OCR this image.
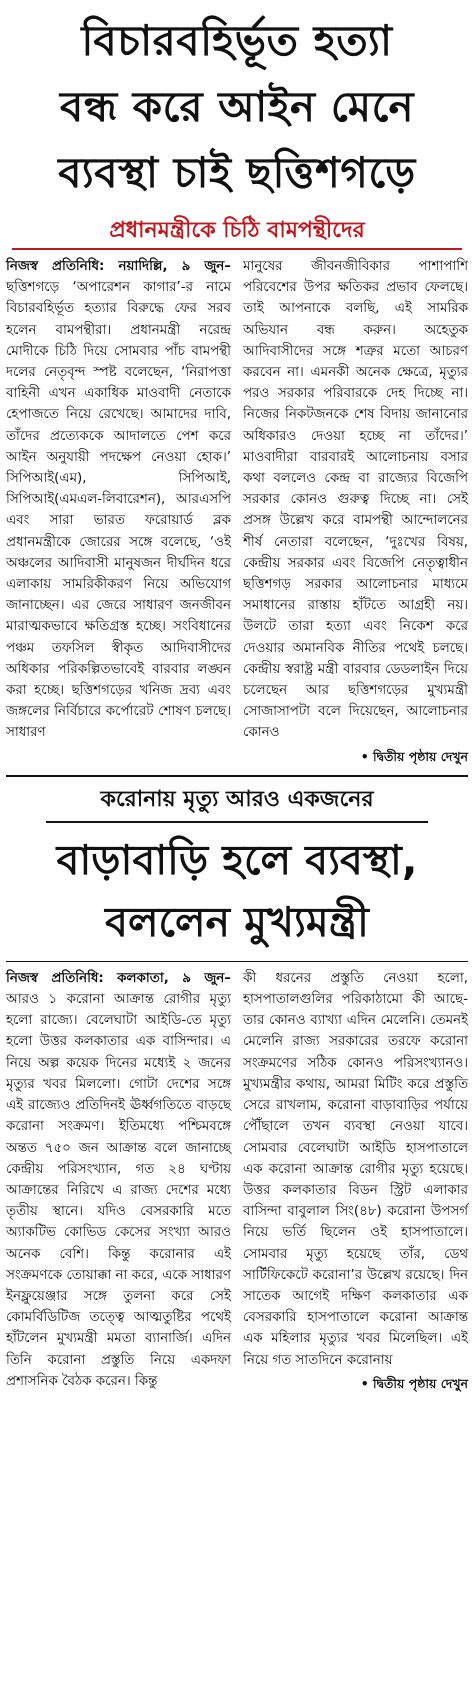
বিচারবহির্ভূত হত্যা
বন্ধ করে আইন মেনে
ব্যবস্থা চাই ছত্তিশগড়ে
প্রধানমন্ত্রীকে চিঠি বামপন্থীদের

নিজস্ব প্রতিনিধি: নয়াদিল্লি, ৯ জুন– ছত্তিশগড়ে ‘অপারেশন কাগার’-র নামে বিচারবহির্ভূত হত্যার বিরুদ্ধে ফের সরব হলেন বামপন্থীরা। প্রধানমন্ত্রী নরেন্দ্র মোদীকে চিঠি দিয়ে সোমবার পাঁচ বামপন্থী দলের নেতৃবৃন্দ স্পষ্ট বলেছেন, ‘নিরাপত্তা বাহিনী এখন একাধিক মাওবাদী নেতাকে হেপাজতে নিয়ে রেখেছে। আমাদের দাবি, তাঁদের প্রত্যেককে আদালতে পেশ করে আইন অনুযায়ী পদক্ষেপ নেওয়া হোক।’ সিপিআই(এম), সিপিআই, সিপিআই(এমএল-লিবারেশন), আরএসপি এবং সারা ভারত ফরোয়ার্ড ব্লক প্রধানমন্ত্রীকে জোরের সঙ্গে বলেছে, ‘ওই অঞ্চলের আদিবাসী মানুষজন দীর্ঘদিন ধরে এলাকায় সামরিকীকরণ নিয়ে অভিযোগ জানাচ্ছেন। এর জেরে সাধারণ জনজীবন মারাত্মকভাবে ক্ষতিগ্রস্ত হচ্ছে। সংবিধানের পঞ্চম তফসিল স্বীকৃত আদিবাসীদের অধিকার পরিকল্পিতভাবেই বারবার লঙ্ঘন করা হচ্ছে। ছত্তিশগড়ের খনিজ দ্রব্য এবং জঙ্গলের নির্বিচারে কর্পোরেট শোষণ চলছে। সাধারণ

মানুষের জীবনজীবিকার পাশাপাশি পরিবেশের উপর ক্ষতিকর প্রভাব ফেলছে। তাই আপনাকে বলছি, এই সামরিক অভিযান বন্ধ করুন। অহেতুক আদিবাসীদের সঙ্গে শত্রুর মতো আচরণ করবেন না। এমনকী অনেক ক্ষেত্রে, মৃত্যুর পরও সরকার পরিবারকে দেহ দিচ্ছে না। নিজের নিকটজনকে শেষ বিদায় জানানোর অধিকারও দেওয়া হচ্ছে না তাঁদের।’ মাওবাদীরা বারবারই আলোচনায় বসার কথা বললেও কেন্দ্র বা রাজ্যের বিজেপি সরকার কোনও গুরুত্ব দিচ্ছে না। সেই প্রসঙ্গ উল্লেখ করে বামপন্থী আন্দোলনের শীর্ষ নেতারা বলেছেন, ‘দুঃখের বিষয়, কেন্দ্রীয় সরকার এবং বিজেপি নেতৃত্বাধীন ছত্তিশগড় সরকার আলোচনার মাধ্যমে সমাধানের রাস্তায় হাঁটতে আগ্রহী নয়। উলটে তারা হত্যা এবং নিকেশ করে দেওয়ার অমানবিক নীতির পথেই চলছে। কেন্দ্রীয় স্বরাষ্ট্র মন্ত্রী বারবার ডেডলাইন দিয়ে চলেছেন আর ছত্তিশগড়ের মুখ্যমন্ত্রী সোজাসাপটা বলে দিয়েছেন, আলোচনার কোনও

• দ্বিতীয় পৃষ্ঠায় দেখুন
করোনায় মৃত্যু আরও একজনের
বাড়াবাড়ি হলে ব্যবস্থা,
বললেন মুখ্যমন্ত্রী

নিজস্ব প্রতিনিধি: কলকাতা, ৯ জুন– আরও ১ করোনা আক্রান্ত রোগীর মৃত্যু হলো রাজ্যে। বেলেঘাটা আইডি-তে মৃত্যু হলো উত্তর কলকাতার এক বাসিন্দার। এ নিয়ে অল্প কয়েক দিনের মধ্যেই ২ জনের মৃত্যুর খবর মিললো। গোটা দেশের সঙ্গে এই রাজ্যেও প্রতিদিনই ঊর্ধ্বগতিতে বাড়ছে করোনা সংক্রমণ। ইতিমধ্যে পশ্চিমবঙ্গে অন্তত ৭৫০ জন আক্রান্ত বলে জানাচ্ছে কেন্দ্রীয় পরিসংখ্যান, গত ২৪ ঘণ্টায় আক্রান্তের নিরিখে এ রাজ্য দেশের মধ্যে তৃতীয় স্থানে। যদিও বেসরকারি মতে অ্যাকটিভ কোভিড কেসের সংখ্যা আরও অনেক বেশি। কিন্তু করোনার এই সংক্রমণকে তোয়াক্কা না করে, একে সাধারণ ইনফ্লুয়েঞ্জার সঙ্গে তুলনা করে সেই কোমর্বিডিটিজ তত্ত্বে আত্মতুষ্টির পথেই হাঁটলেন মুখ্যমন্ত্রী মমতা ব্যানার্জি। এদিন তিনি করোনা প্রস্তুতি নিয়ে একদফা প্রশাসনিক বৈঠক করেন। কিন্তু

কী ধরনের প্রস্তুতি নেওয়া হলো, হাসপাতালগুলির পরিকাঠামো কী আছে- তার কোনও ব্যাখ্যা এদিন মেলেনি। তেমনই মেলেনি রাজ্য সরকারের তরফে করোনা সংক্রমণের সঠিক কোনও পরিসংখ্যানও। মুখ্যমন্ত্রীর কথায়, আমরা মিটিং করে প্রস্তুতি সেরে রাখলাম, করোনা বাড়াবাড়ির পর্যায়ে পৌঁছালে তখন ব্যবস্থা নেওয়া যাবে। সোমবার বেলেঘাটা আইডি হাসপাতালে এক করোনা আক্রান্ত রোগীর মৃত্যু হয়েছে। উত্তর কলকাতার বিডন স্ট্রিট এলাকার বাসিন্দা বাবুলাল সিং(৪৮) করোনা উপসর্গ নিয়ে ভর্তি ছিলেন ওই হাসপাতালে। সোমবার মৃত্যু হয়েছে তাঁর, ডেথ সার্টিফিকেটে করোনা’র উল্লেখ রয়েছে। দিন সাতেক আগেই দক্ষিণ কলকাতার এক বেসরকারি হাসপাতালে করোনা আক্রান্ত এক মহিলার মৃত্যুর খবর মিলেছিল। এই নিয়ে গত সাতদিনে করোনায়

• দ্বিতীয় পৃষ্ঠায় দেখুন
